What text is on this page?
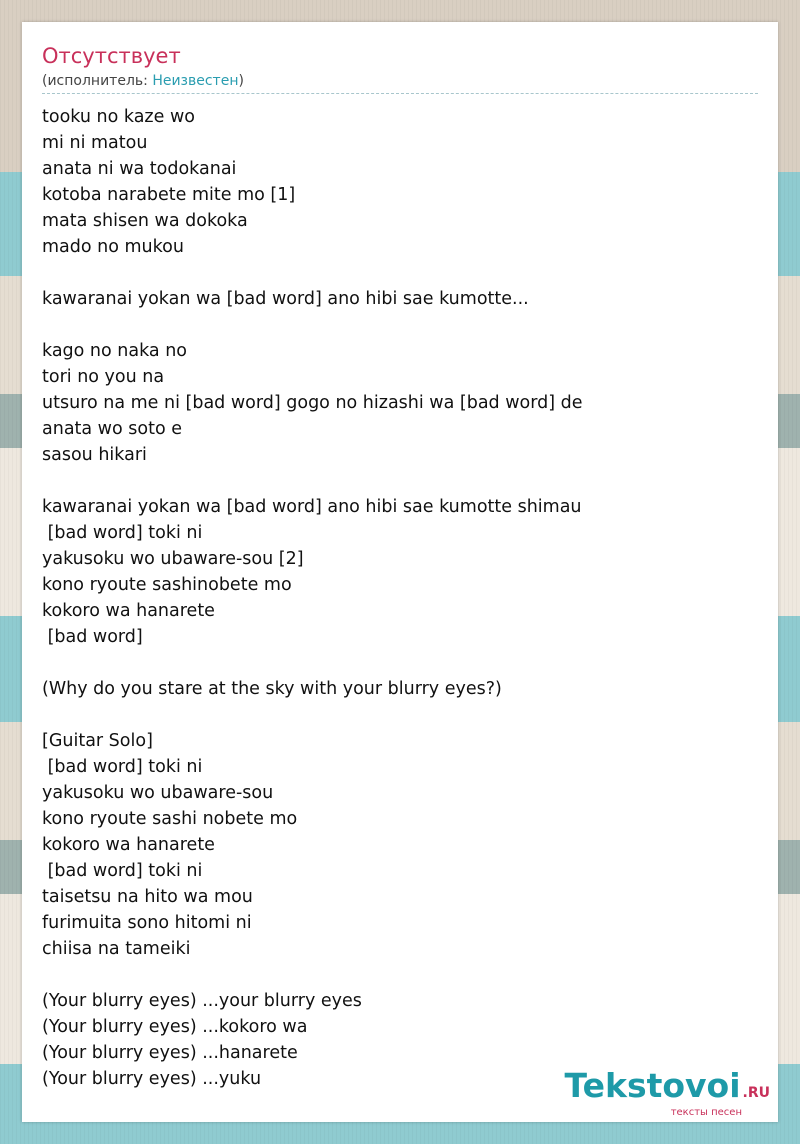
Отсутствует
(исполнитель: Неизвестен)
tooku no kaze wo
mi ni matou
anata ni wa todokanai
kotoba narabete mite mo [1]
mata shisen wa dokoka
mado no mukou

kawaranai yokan wa [bad word] ano hibi sae kumotte...

kago no naka no
tori no you na
utsuro na me ni [bad word] gogo no hizashi wa [bad word] de
anata wo soto e
sasou hikari

kawaranai yokan wa [bad word] ano hibi sae kumotte shimau
[bad word] toki ni
yakusoku wo ubaware-sou [2]
kono ryoute sashinobete mo
kokoro wa hanarete
[bad word]

(Why do you stare at the sky with your blurry eyes?)

[Guitar Solo]
[bad word] toki ni
yakusoku wo ubaware-sou
kono ryoute sashi nobete mo
kokoro wa hanarete
[bad word] toki ni
taisetsu na hito wa mou
furimuita sono hitomi ni
chiisa na tameiki

(Your blurry eyes) ...your blurry eyes
(Your blurry eyes) ...kokoro wa
(Your blurry eyes) ...hanarete
(Your blurry eyes) ...yuku	Tekstovoi .RU
тексты песен
